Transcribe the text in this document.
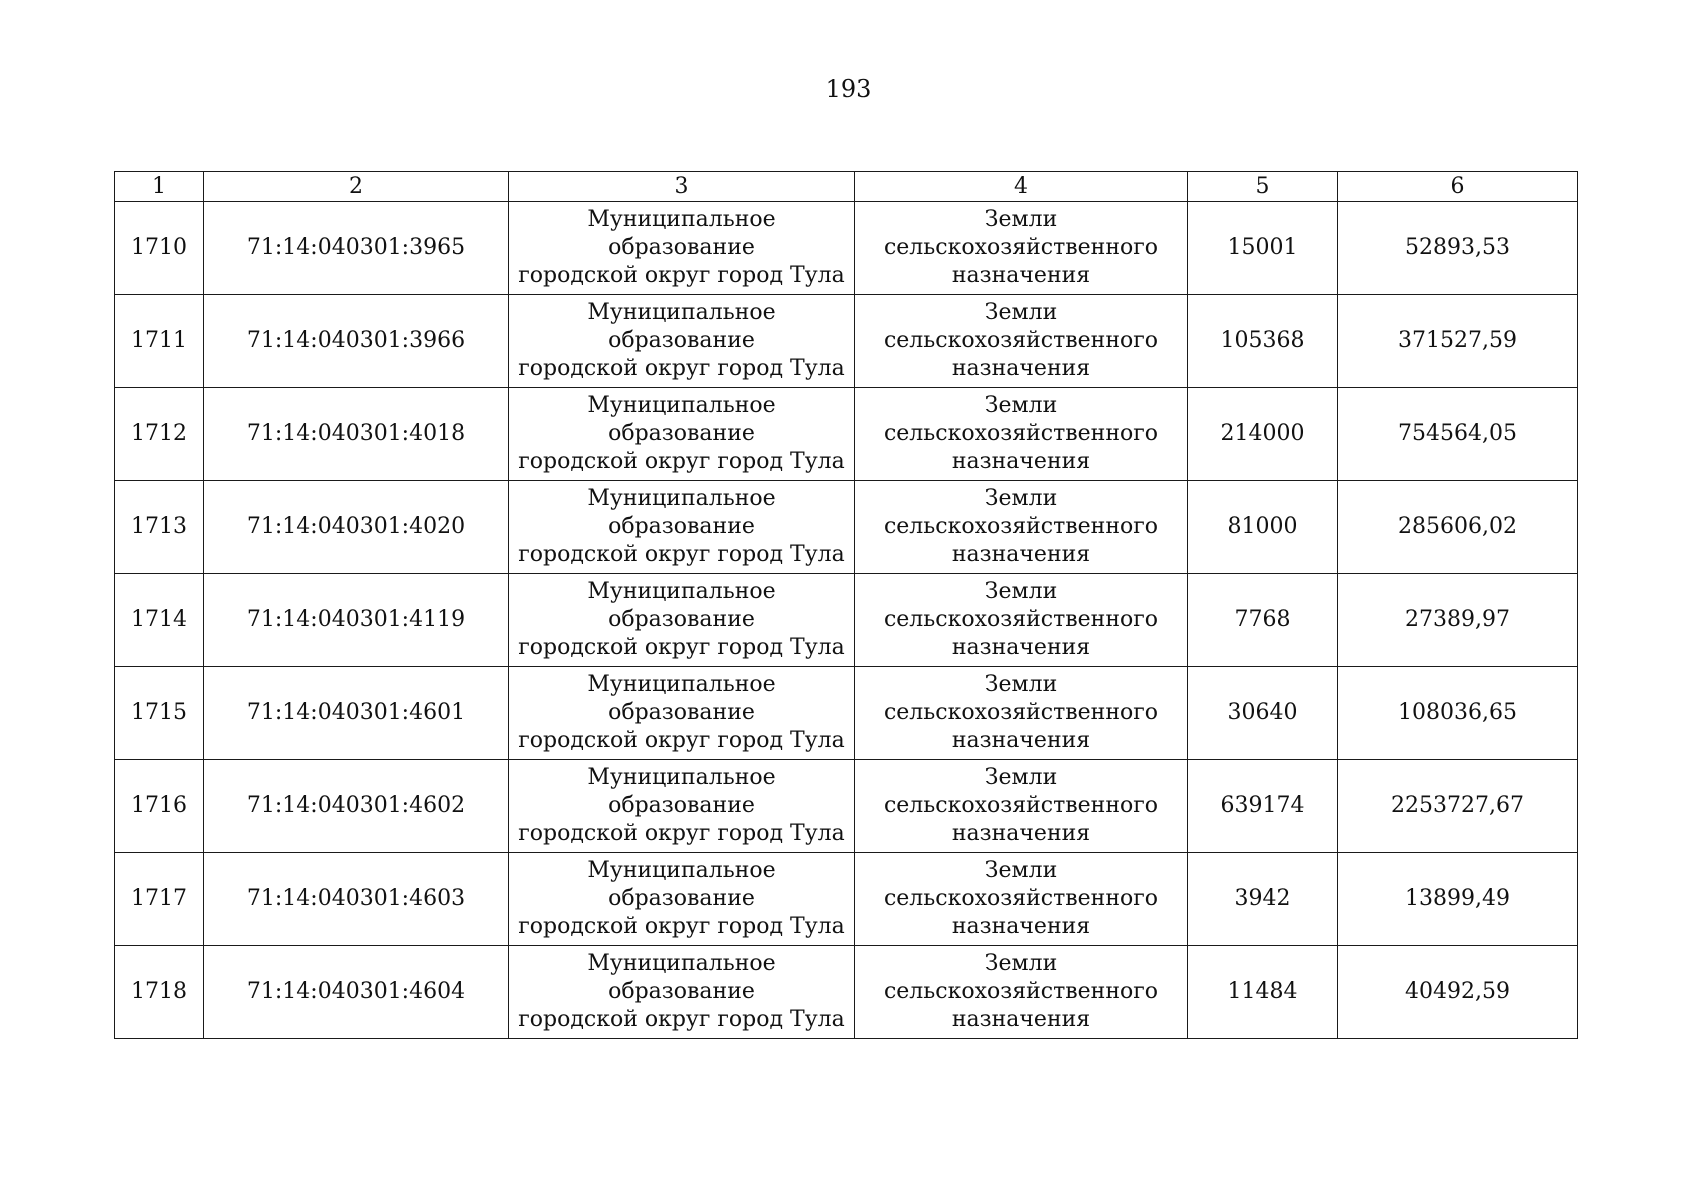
193
1	2	3	4	5	6
1710	71:14:040301:3965	Муниципальное образование
городской округ город Тула	Земли
сельскохозяйственного
назначения	15001	52893,53
1711	71:14:040301:3966	Муниципальное образование
городской округ город Тула	Земли
сельскохозяйственного
назначения	105368	371527,59
1712	71:14:040301:4018	Муниципальное образование
городской округ город Тула	Земли
сельскохозяйственного
назначения	214000	754564,05
1713	71:14:040301:4020	Муниципальное образование
городской округ город Тула	Земли
сельскохозяйственного
назначения	81000	285606,02
1714	71:14:040301:4119	Муниципальное образование
городской округ город Тула	Земли
сельскохозяйственного
назначения	7768	27389,97
1715	71:14:040301:4601	Муниципальное образование
городской округ город Тула	Земли
сельскохозяйственного
назначения	30640	108036,65
1716	71:14:040301:4602	Муниципальное образование
городской округ город Тула	Земли
сельскохозяйственного
назначения	639174	2253727,67
1717	71:14:040301:4603	Муниципальное образование
городской округ город Тула	Земли
сельскохозяйственного
назначения	3942	13899,49
1718	71:14:040301:4604	Муниципальное образование
городской округ город Тула	Земли
сельскохозяйственного
назначения	11484	40492,59
